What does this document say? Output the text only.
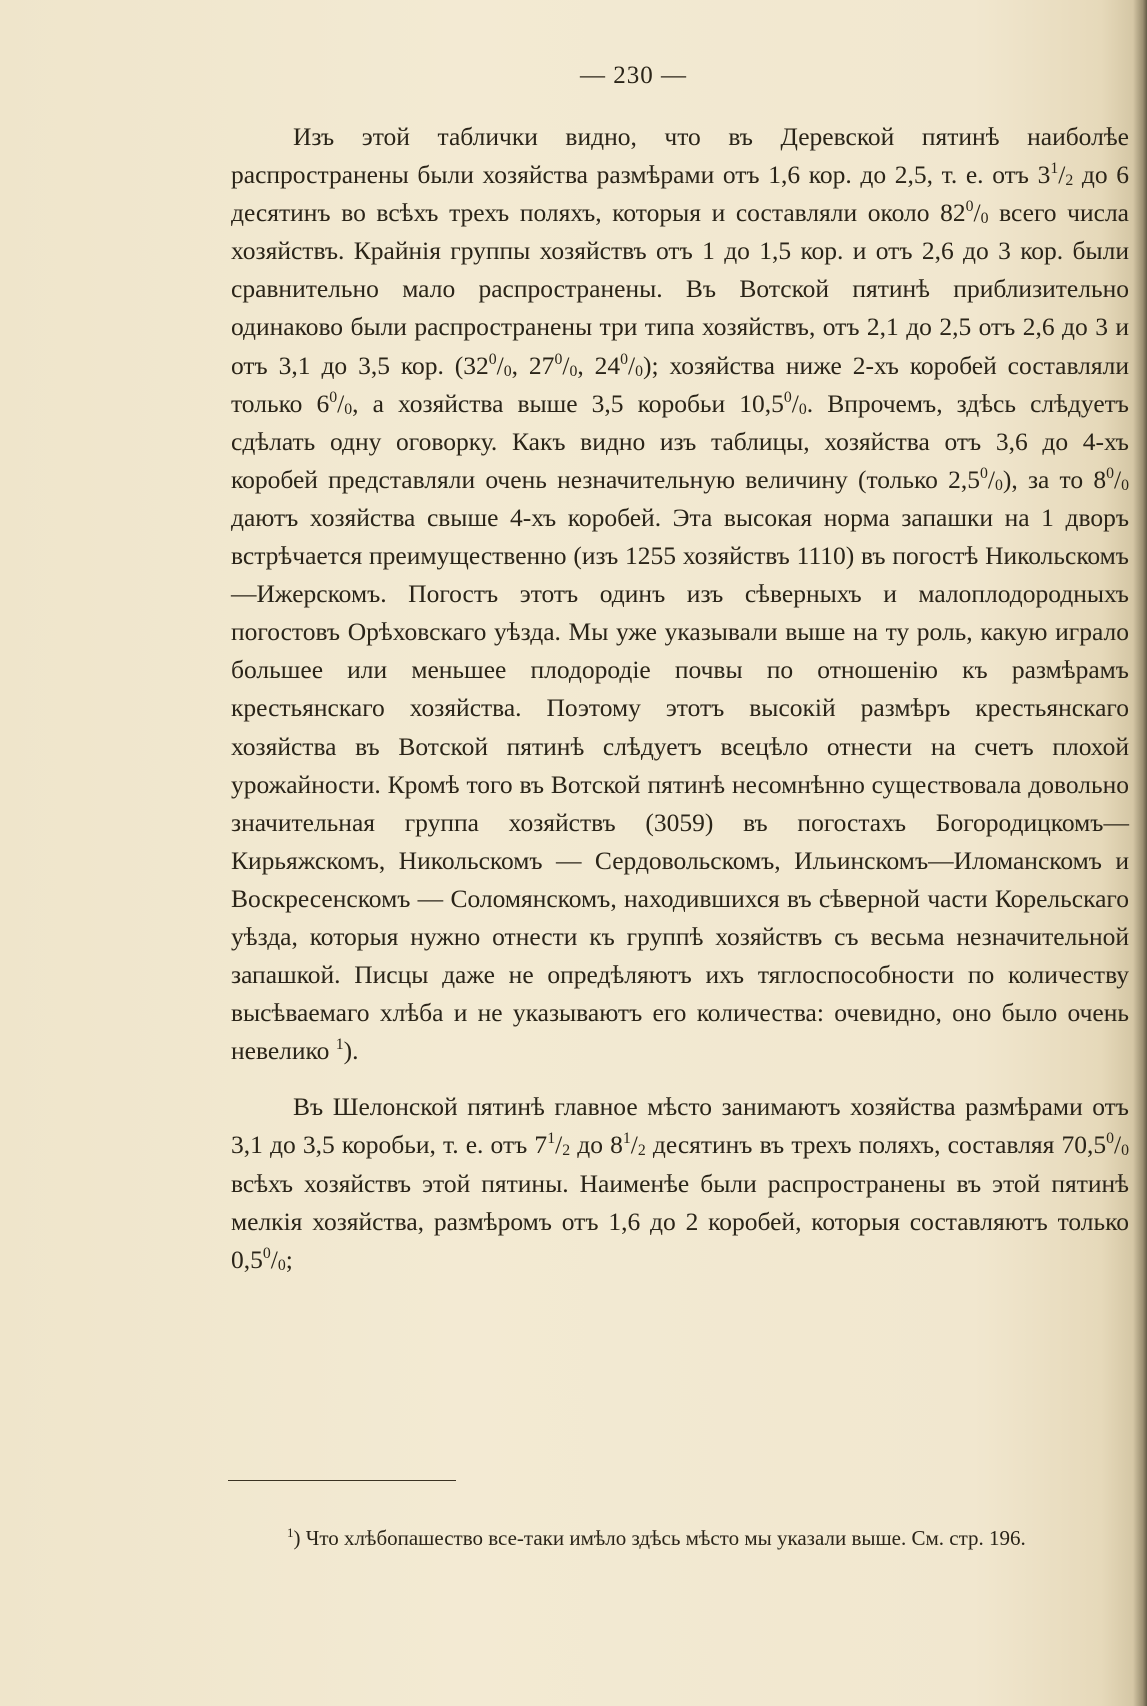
— 230 —

Изъ этой таблички видно, что въ Деревской пятинѣ наиболѣе распространены были хозяйства размѣрами отъ 1,6 кор. до 2,5, т. е. отъ $3^1/_2$ до 6 десятинъ во всѣхъ трехъ поляхъ, которыя и составляли около $82^0/_0$ всего числа хозяйствъ. Крайнія группы хозяйствъ отъ 1 до 1,5 кор. и отъ 2,6 до 3 кор. были сравнительно мало распространены. Въ Вотской пятинѣ приблизительно одинаково были распространены три типа хозяйствъ, отъ 2,1 до 2,5 отъ 2,6 до 3 и отъ 3,1 до 3,5 кор. ($32^0/_0$, $27^0/_0$, $24^0/_0$); хозяйства ниже 2-хъ коробей составляли только $6^0/_0$, а хозяйства выше 3,5 коробьи $10,5^0/_0$. Впрочемъ, здѣсь слѣдуетъ сдѣлать одну оговорку. Какъ видно изъ таблицы, хозяйства отъ 3,6 до 4-хъ коробей представляли очень незначительную величину (только $2,5^0/_0$), за то $8^0/_0$ даютъ хозяйства свыше 4-хъ коробей. Эта высокая норма запашки на 1 дворъ встрѣчается преимущественно (изъ 1255 хозяйствъ 1110) въ погостѣ Никольскомъ—Ижерскомъ. Погостъ этотъ одинъ изъ сѣверныхъ и малоплодородныхъ погостовъ Орѣховскаго уѣзда. Мы уже указывали выше на ту роль, какую играло большее или меньшее плодородіе почвы по отношенію къ размѣрамъ крестьянскаго хозяйства. Поэтому этотъ высокій размѣръ крестьянскаго хозяйства въ Вотской пятинѣ слѣдуетъ всецѣло отнести на счетъ плохой урожайности. Кромѣ того въ Вотской пятинѣ несомнѣнно существовала довольно значительная группа хозяйствъ (3059) въ погостахъ Богородицкомъ—Кирьяжскомъ, Никольскомъ — Сердовольскомъ, Ильинскомъ—Иломанскомъ и Воскресенскомъ — Соломянскомъ, находившихся въ сѣверной части Корельскаго уѣзда, которыя нужно отнести къ группѣ хозяйствъ съ весьма незначительной запашкой. Писцы даже не опредѣляютъ ихъ тяглоспособности по количеству высѣваемаго хлѣба и не указываютъ его количества: очевидно, оно было очень невелико $^1$).

Въ Шелонской пятинѣ главное мѣсто занимаютъ хозяйства размѣрами отъ 3,1 до 3,5 коробьи, т. е. отъ $7^1/_2$ до $8^1/_2$ десятинъ въ трехъ поляхъ, составляя $70,5^0/_0$ всѣхъ хозяйствъ этой пятины. Наименѣе были распространены въ этой пятинѣ мелкія хозяйства, размѣромъ отъ 1,6 до 2 коробей, которыя составляютъ только $0,5^0/_0$;

$^1$) Что хлѣбопашество все-таки имѣло здѣсь мѣсто мы указали выше. См. стр. 196.
